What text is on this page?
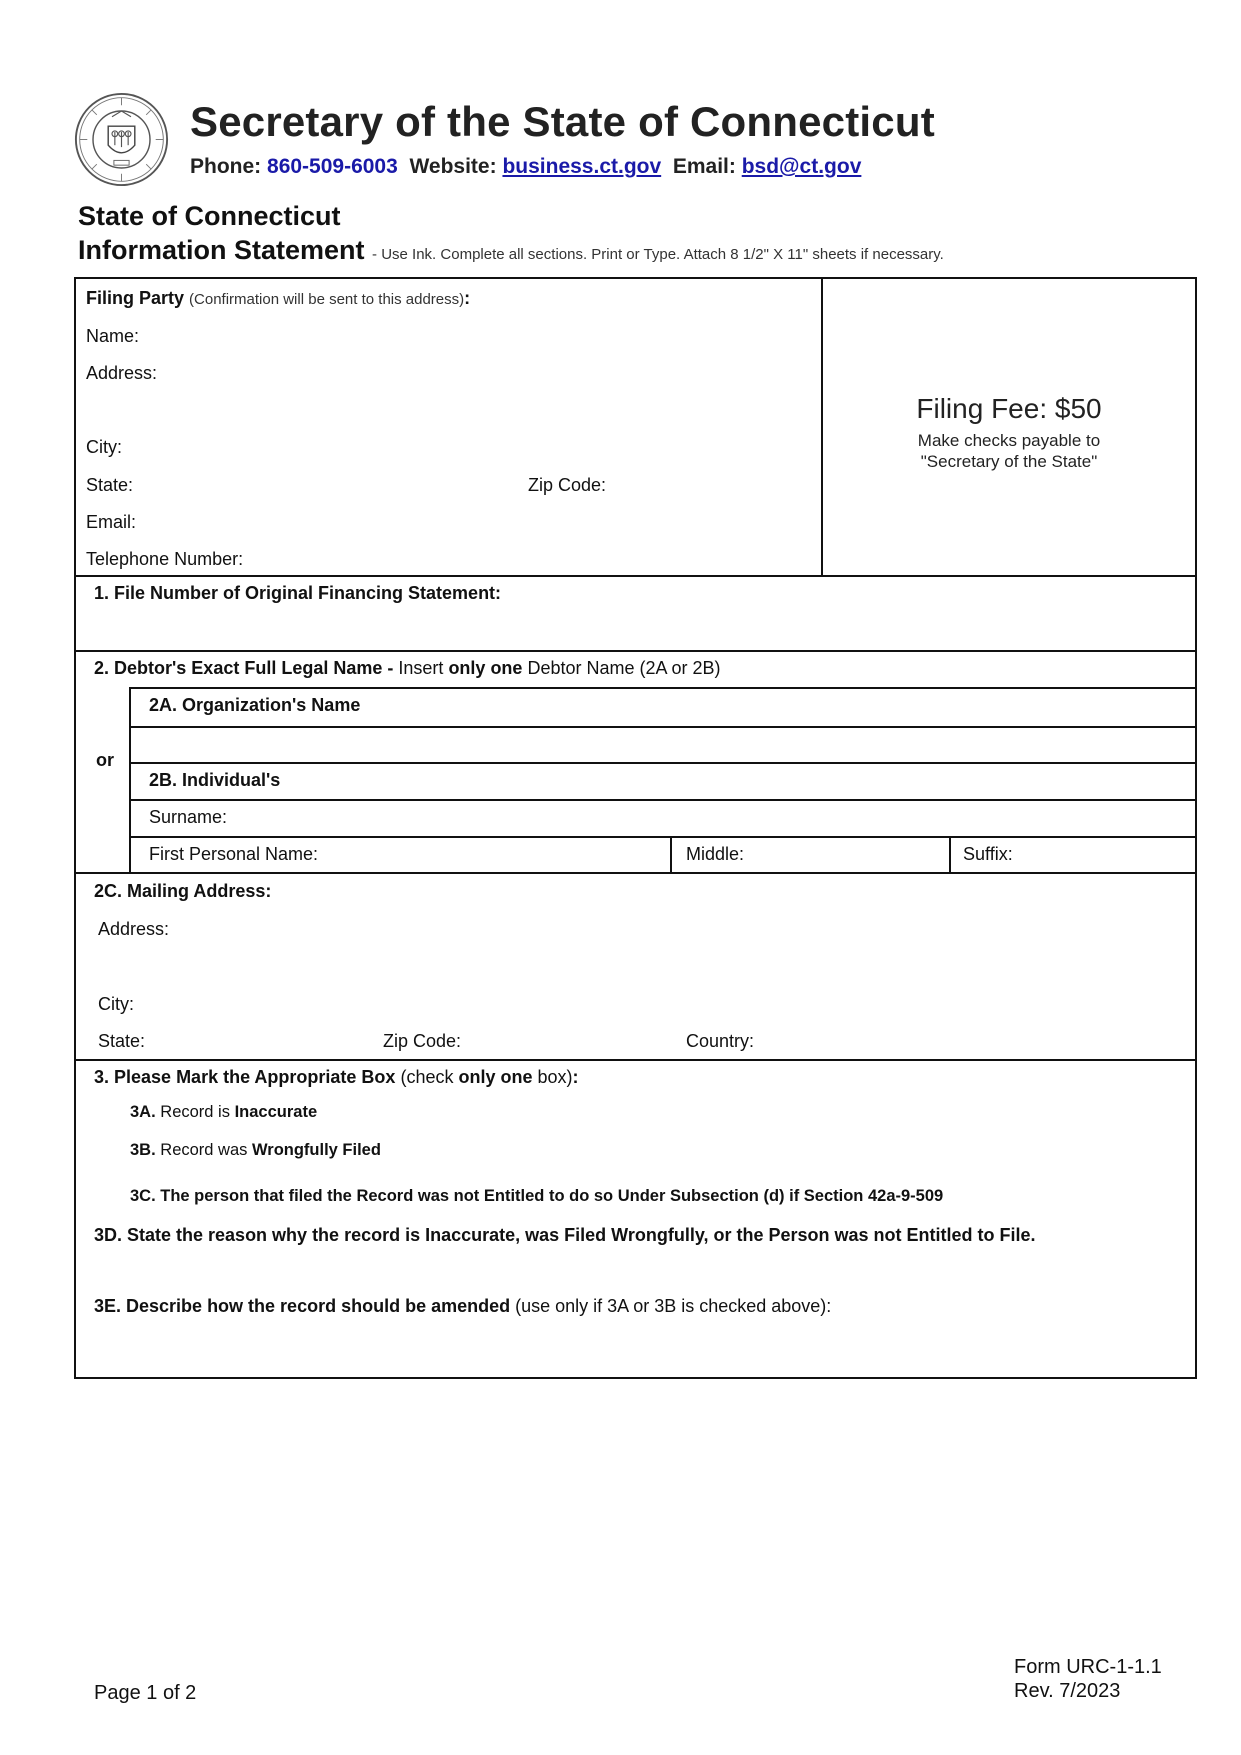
Secretary of the State of Connecticut
Phone: 860-509-6003 Website: business.ct.gov Email: bsd@ct.gov
State of Connecticut
Information Statement - Use Ink. Complete all sections. Print or Type. Attach 8 1/2" X 11" sheets if necessary.
Filing Party (Confirmation will be sent to this address):
Name:
Address:
City:
State:	Zip Code:
Email:
Telephone Number:
Filing Fee: $50
Make checks payable to
"Secretary of the State"
1. File Number of Original Financing Statement:
2. Debtor's Exact Full Legal Name - Insert only one Debtor Name (2A or 2B)
or
2A. Organization's Name
2B. Individual's
Surname:
First Personal Name:	Middle:	Suffix:
2C. Mailing Address:
Address:
City:
State:	Zip Code:	Country:
3. Please Mark the Appropriate Box (check only one box):
3A. Record is Inaccurate
3B. Record was Wrongfully Filed
3C. The person that filed the Record was not Entitled to do so Under Subsection (d) if Section 42a-9-509
3D. State the reason why the record is Inaccurate, was Filed Wrongfully, or the Person was not Entitled to File.
3E. Describe how the record should be amended (use only if 3A or 3B is checked above):
Page 1 of 2
Form URC-1-1.1
Rev. 7/2023
